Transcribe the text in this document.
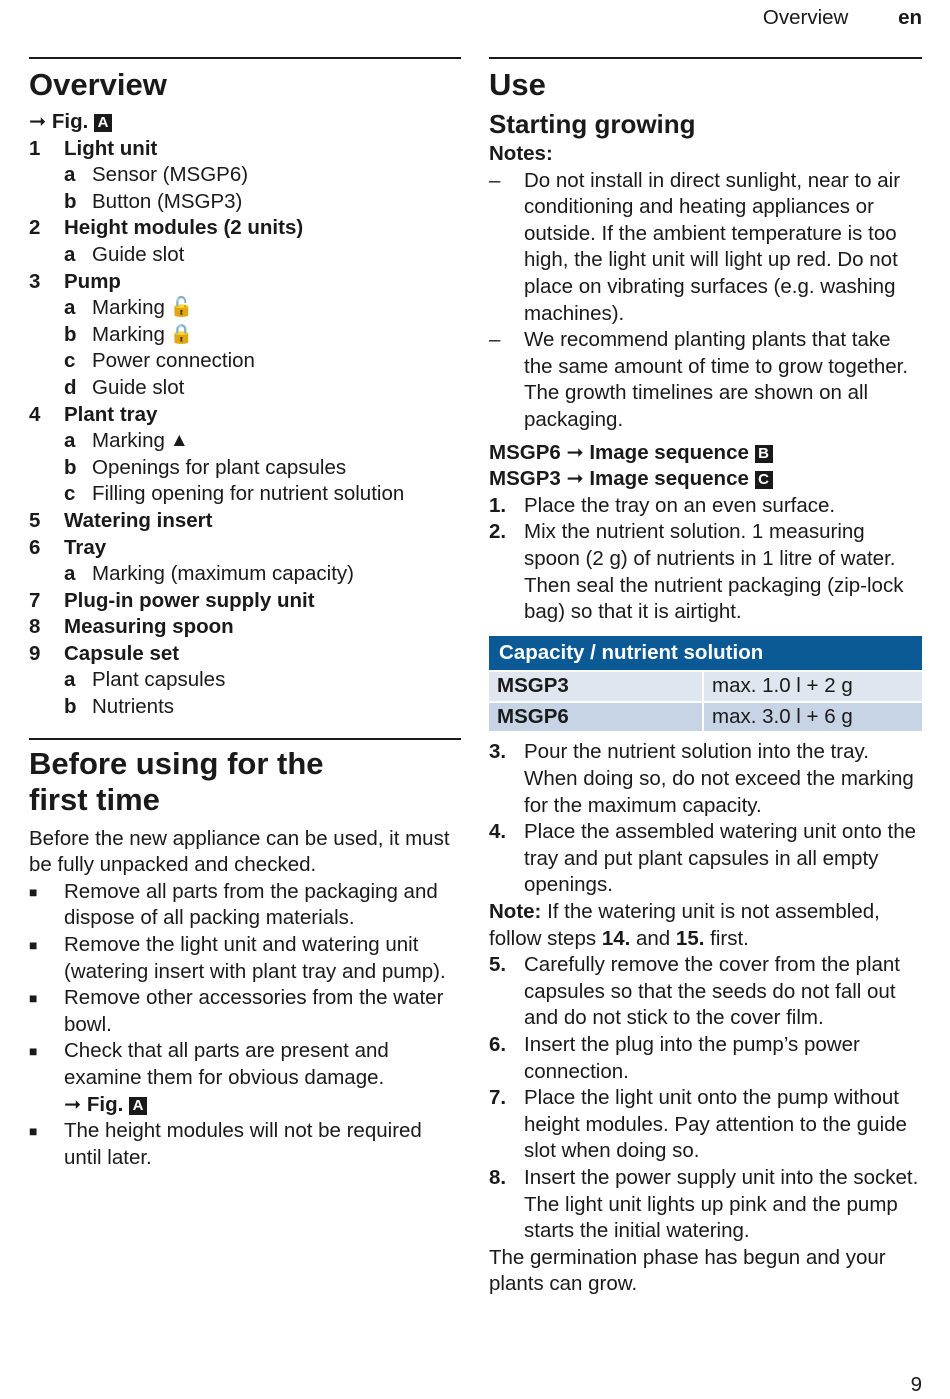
Overview en
Overview
➞ Fig. A
1	Light unit
a Sensor (MSGP6)
b Button (MSGP3)
2	Height modules (2 units)
a Guide slot
3	Pump
a Marking 🔓
b Marking 🔒
c Power connection
d Guide slot
4	Plant tray
a Marking ▲
b Openings for plant capsules
c Filling opening for nutrient solution
5	Watering insert
6	Tray
a Marking (maximum capacity)
7	Plug-in power supply unit
8	Measuring spoon
9	Capsule set
a Plant capsules
b Nutrients
Before using for the
first time
Before the new appliance can be used, it must be fully unpacked and checked.
■	Remove all parts from the packaging and dispose of all packing materials.
■	Remove the light unit and watering unit (watering insert with plant tray and pump).
■	Remove other accessories from the water bowl.
■	Check that all parts are present and examine them for obvious damage.
➞ Fig. A
■	The height modules will not be required until later.
Use
Starting growing
Notes:
–	Do not install in direct sunlight, near to air conditioning and heating appliances or outside. If the ambient temperature is too high, the light unit will light up red. Do not place on vibrating surfaces (e.g. washing machines).
–	We recommend planting plants that take the same amount of time to grow together. The growth timelines are shown on all packaging.
MSGP6 ➞ Image sequence B
MSGP3 ➞ Image sequence C
1. Place the tray on an even surface.
2. Mix the nutrient solution. 1 measuring spoon (2 g) of nutrients in 1 litre of water. Then seal the nutrient packaging (zip-lock bag) so that it is airtight.
Capacity / nutrient solution	
MSGP3	max. 1.0 l + 2 g
MSGP6	max. 3.0 l + 6 g
3. Pour the nutrient solution into the tray. When doing so, do not exceed the marking for the maximum capacity.
4. Place the assembled watering unit onto the tray and put plant capsules in all empty openings.
Note: If the watering unit is not assembled, follow steps 14. and 15. first.
5. Carefully remove the cover from the plant capsules so that the seeds do not fall out and do not stick to the cover film.
6. Insert the plug into the pump’s power connection.
7. Place the light unit onto the pump without height modules. Pay attention to the guide slot when doing so.
8. Insert the power supply unit into the socket. The light unit lights up pink and the pump starts the initial watering.
The germination phase has begun and your plants can grow.
9
